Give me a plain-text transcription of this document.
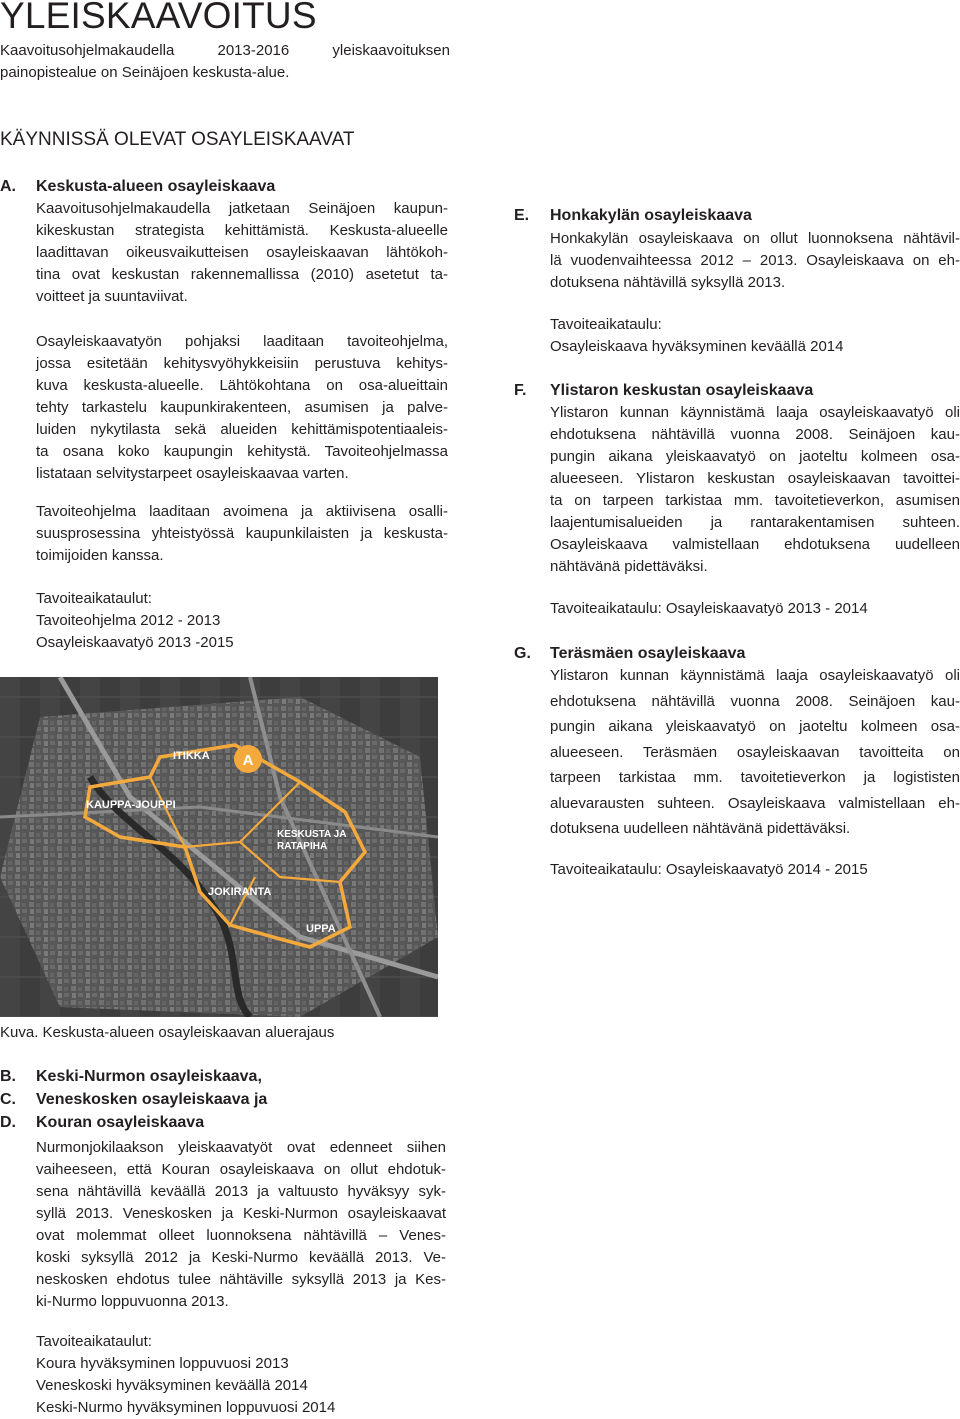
YLEISKAAVOITUS
Kaavoitusohjelmakaudella 2013-2016 yleiskaavoituksen
painopistealue on Seinäjoen keskusta-alue.
KÄYNNISSÄ OLEVAT OSAYLEISKAAVAT
A. Keskusta-alueen osayleiskaava
Kaavoitusohjelmakaudella jatketaan Seinäjoen kaupun-
kikeskustan strategista kehittämistä. Keskusta-alueelle
laadittavan oikeusvaikutteisen osayleiskaavan lähtökoh-
tina ovat keskustan rakennemallissa (2010) asetetut ta-
voitteet ja suuntaviivat.
Osayleiskaavatyön pohjaksi laaditaan tavoiteohjelma,
jossa esitetään kehitysvyöhykkeisiin perustuva kehitys-
kuva keskusta-alueelle. Lähtökohtana on osa-alueittain
tehty tarkastelu kaupunkirakenteen, asumisen ja palve-
luiden nykytilasta sekä alueiden kehittämispotentiaaleis-
ta osana koko kaupungin kehitystä. Tavoiteohjelmassa
listataan selvitystarpeet osayleiskaavaa varten.
Tavoiteohjelma laaditaan avoimena ja aktiivisena osalli-
suusprosessina yhteistyössä kaupunkilaisten ja keskusta-
toimijoiden kanssa.
Tavoiteaikataulut:
Tavoiteohjelma 2012 - 2013
Osayleiskaavatyö 2013 -2015
A
ITIKKA
KAUPPA-JOUPPI
KESKUSTA JA
RATAPIHA
JOKIRANTA
UPPA
Kuva. Keskusta-alueen osayleiskaavan aluerajaus
B. Keski-Nurmon osayleiskaava,
C. Veneskosken osayleiskaava ja
D. Kouran osayleiskaava
Nurmonjokilaakson yleiskaavatyöt ovat edenneet siihen
vaiheeseen, että Kouran osayleiskaava on ollut ehdotuk-
sena nähtävillä keväällä 2013 ja valtuusto hyväksyy syk-
syllä 2013. Veneskosken ja Keski-Nurmon osayleiskaavat
ovat molemmat olleet luonnoksena nähtävillä – Venes-
koski syksyllä 2012 ja Keski-Nurmo keväällä 2013. Ve-
neskosken ehdotus tulee nähtäville syksyllä 2013 ja Kes-
ki-Nurmo loppuvuonna 2013.
Tavoiteaikataulut:
Koura hyväksyminen loppuvuosi 2013
Veneskoski hyväksyminen keväällä 2014
Keski-Nurmo hyväksyminen loppuvuosi 2014
E. Honkakylän osayleiskaava
Honkakylän osayleiskaava on ollut luonnoksena nähtävil-
lä vuodenvaihteessa 2012 – 2013. Osayleiskaava on eh-
dotuksena nähtävillä syksyllä 2013.
Tavoiteaikataulu:
Osayleiskaava hyväksyminen keväällä 2014
F. Ylistaron keskustan osayleiskaava
Ylistaron kunnan käynnistämä laaja osayleiskaavatyö oli
ehdotuksena nähtävillä vuonna 2008. Seinäjoen kau-
pungin aikana yleiskaavatyö on jaoteltu kolmeen osa-
alueeseen. Ylistaron keskustan osayleiskaavan tavoittei-
ta on tarpeen tarkistaa mm. tavoitetieverkon, asumisen
laajentumisalueiden ja rantarakentamisen suhteen.
Osayleiskaava valmistellaan ehdotuksena uudelleen
nähtävänä pidettäväksi.
Tavoiteaikataulu: Osayleiskaavatyö 2013 - 2014
G. Teräsmäen osayleiskaava
Ylistaron kunnan käynnistämä laaja osayleiskaavatyö oli
ehdotuksena nähtävillä vuonna 2008. Seinäjoen kau-
pungin aikana yleiskaavatyö on jaoteltu kolmeen osa-
alueeseen. Teräsmäen osayleiskaavan tavoitteita on
tarpeen tarkistaa mm. tavoitetieverkon ja logististen
aluevarausten suhteen. Osayleiskaava valmistellaan eh-
dotuksena uudelleen nähtävänä pidettäväksi.
Tavoiteaikataulu: Osayleiskaavatyö 2014 - 2015
